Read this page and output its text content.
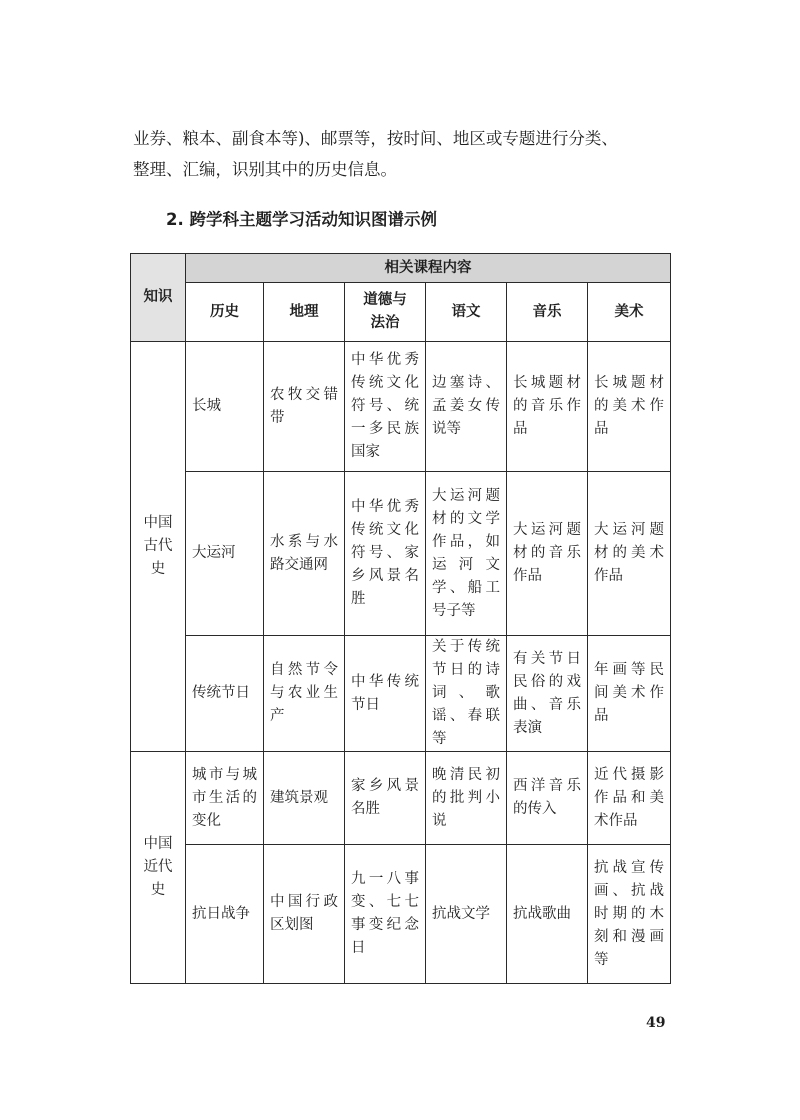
业券、粮本、副食本等)、邮票等，按时间、地区或专题进行分类、

整理、汇编，识别其中的历史信息。

2. 跨学科主题学习活动知识图谱示例
知识	相关课程内容					
	历史	地理	道德与法治	语文	音乐	美术
中国古代史	长城	农牧交错带	中华优秀传统文化符号、统一多民族国家	边塞诗、孟姜女传说等	长城题材的音乐作品	长城题材的美术作品
	大运河	水系与水路交通网	中华优秀传统文化符号、家乡风景名胜	大运河题材的文学作品，如运河文学、船工号子等	大运河题材的音乐作品	大运河题材的美术作品
	传统节日	自然节令与农业生产	中华传统节日	关于传统节日的诗词、歌谣、春联等	有关节日民俗的戏曲、音乐表演	年画等民间美术作品
中国近代史	城市与城市生活的变化	建筑景观	家乡风景名胜	晚清民初的批判小说	西洋音乐的传入	近代摄影作品和美术作品
	抗日战争	中国行政区划图	九一八事变、七七事变纪念日	抗战文学	抗战歌曲	抗战宣传画、抗战时期的木刻和漫画等
49
